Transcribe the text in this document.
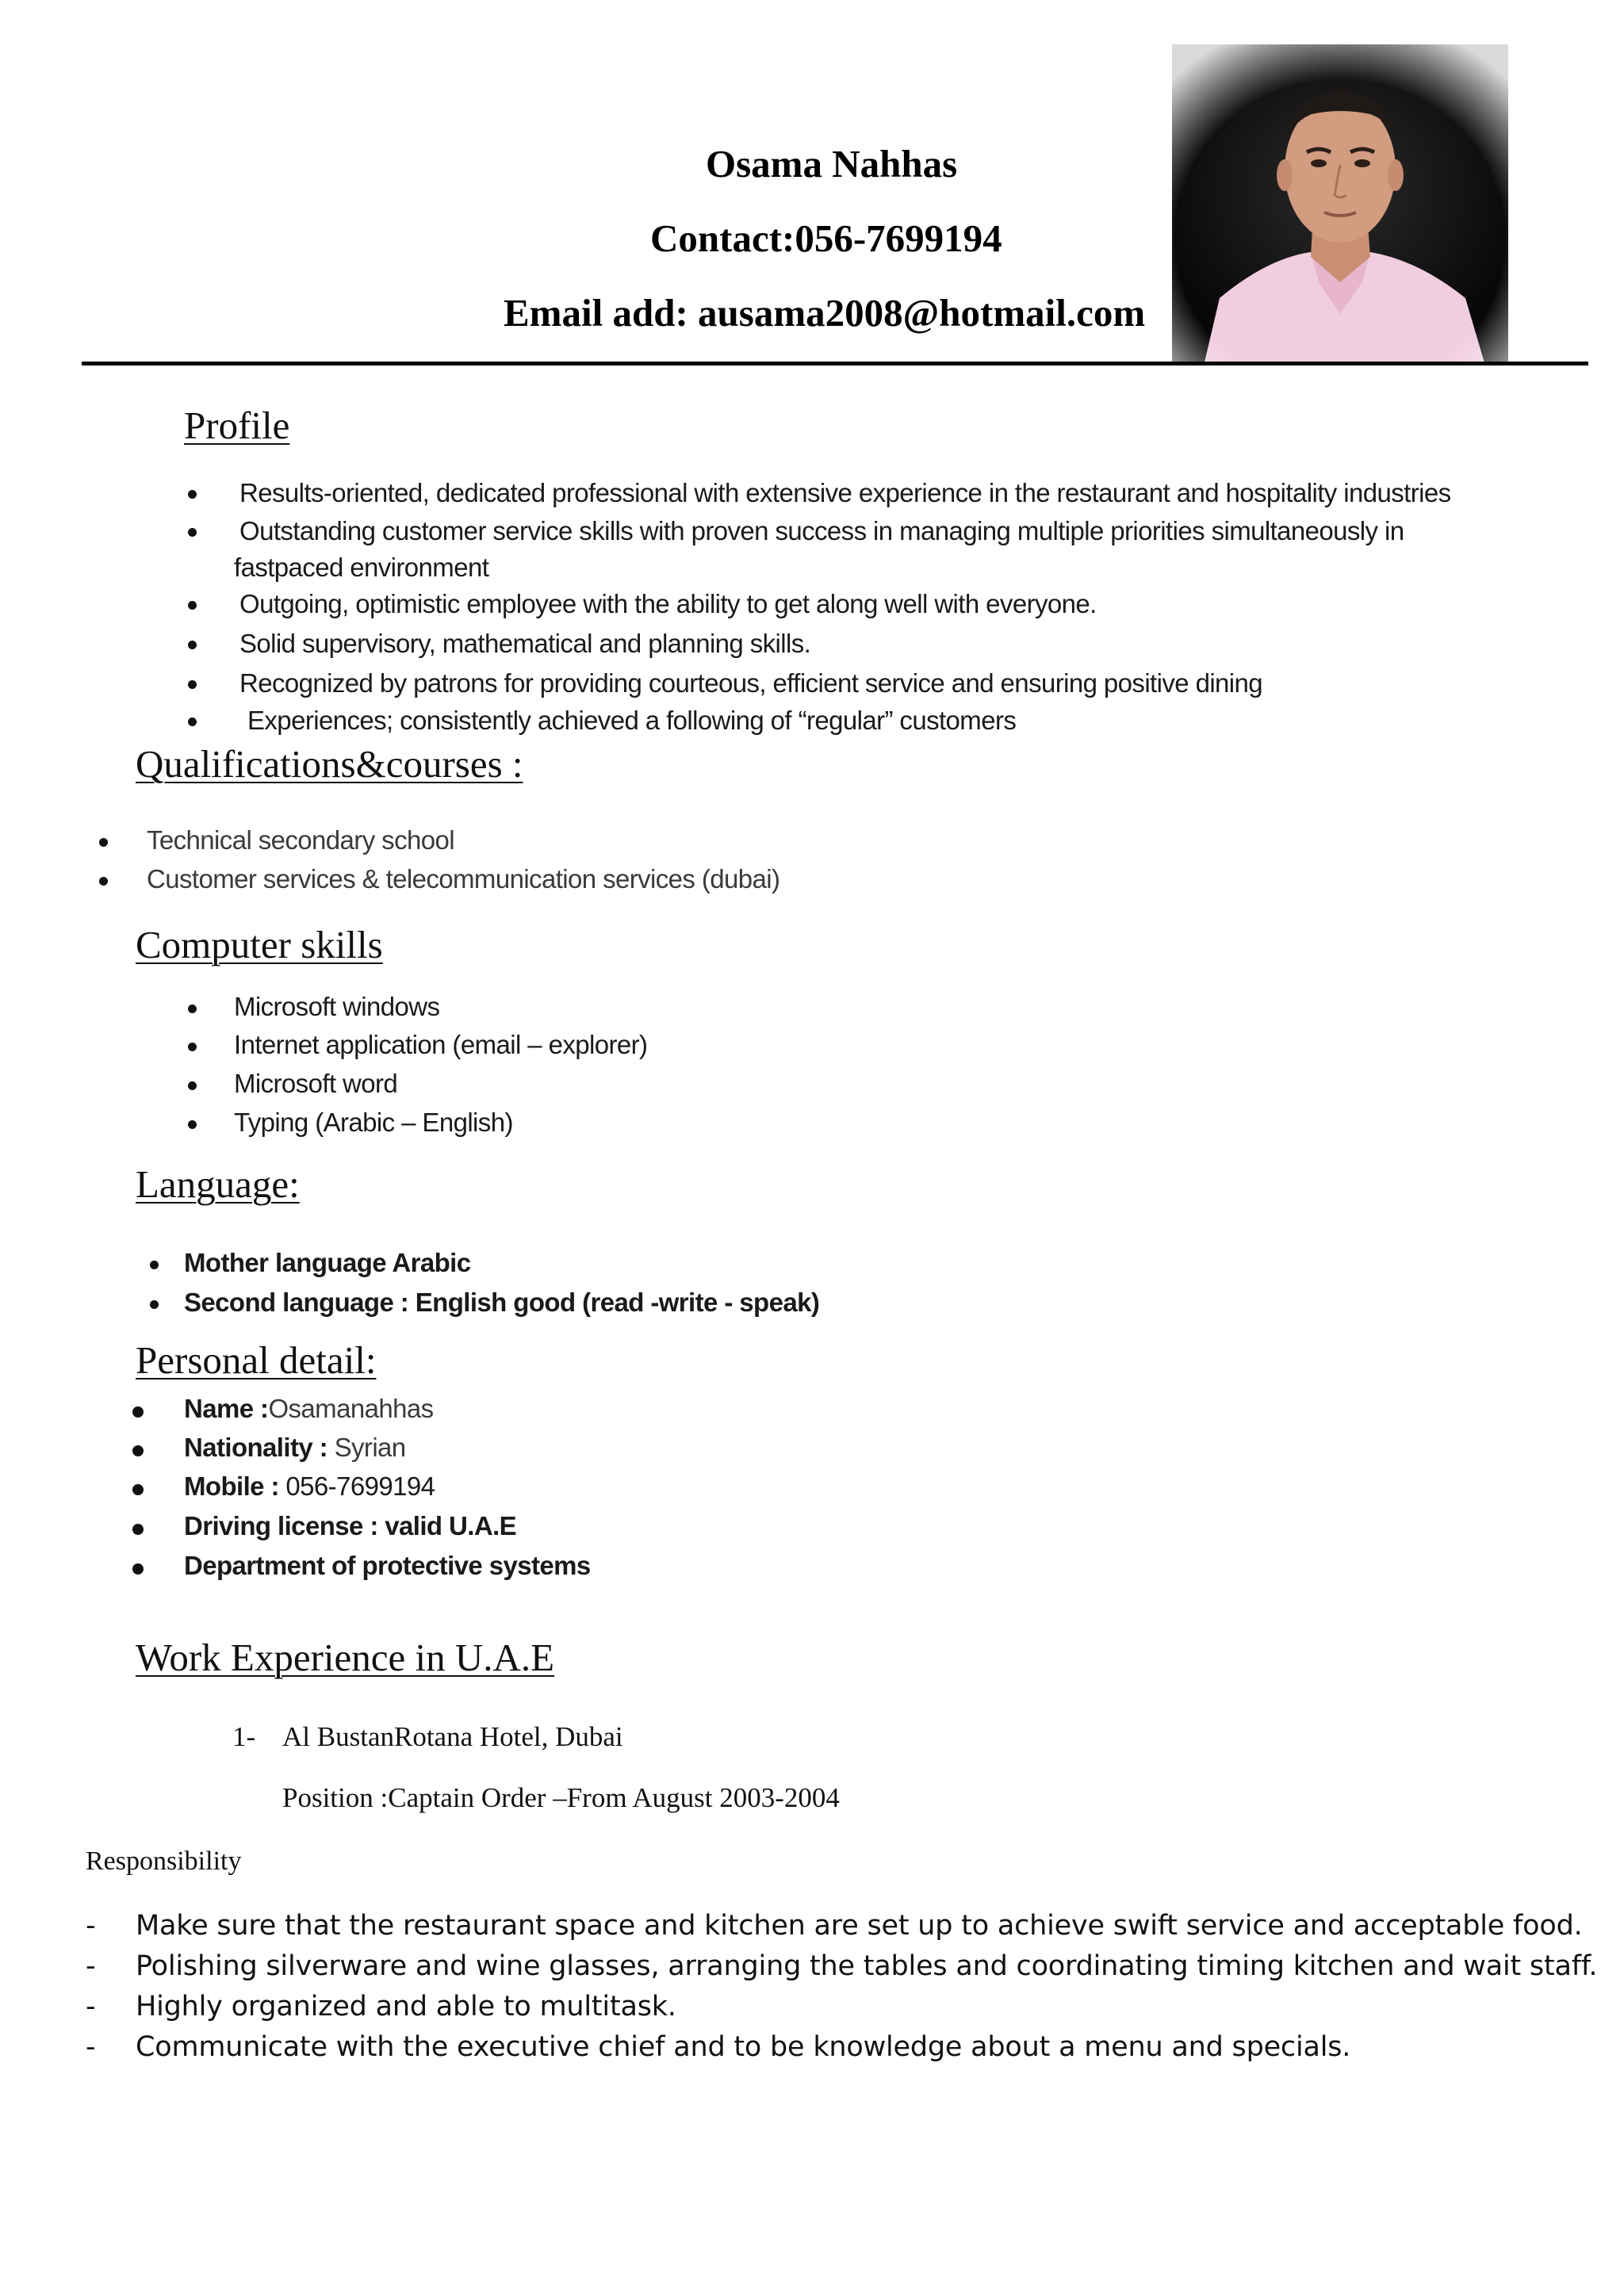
Osama Nahhas
Contact:056-7699194
Email add: ausama2008@hotmail.com
Profile
Results-oriented, dedicated professional with extensive experience in the restaurant and hospitality industries
Outstanding customer service skills with proven success in managing multiple priorities simultaneously in
fastpaced environment
Outgoing, optimistic employee with the ability to get along well with everyone.
Solid supervisory, mathematical and planning skills.
Recognized by patrons for providing courteous, efficient service and ensuring positive dining
Experiences; consistently achieved a following of “regular” customers
Qualifications&courses :
Technical secondary school
Customer services & telecommunication services (dubai)
Computer skills
Microsoft windows
Internet application (email – explorer)
Microsoft word
Typing (Arabic – English)
Language:
Mother language Arabic
Second language : English good (read -write - speak)
Personal detail:
Name :Osamanahhas
Nationality : Syrian
Mobile : 056-7699194
Driving license : valid U.A.E
Department of protective systems
Work Experience in U.A.E
1- Al BustanRotana Hotel, Dubai
Position :Captain Order –From August 2003-2004
Responsibility
- Make sure that the restaurant space and kitchen are set up to achieve swift service and acceptable food.
- Polishing silverware and wine glasses, arranging the tables and coordinating timing kitchen and wait staff.
- Highly organized and able to multitask.
- Communicate with the executive chief and to be knowledge about a menu and specials.
